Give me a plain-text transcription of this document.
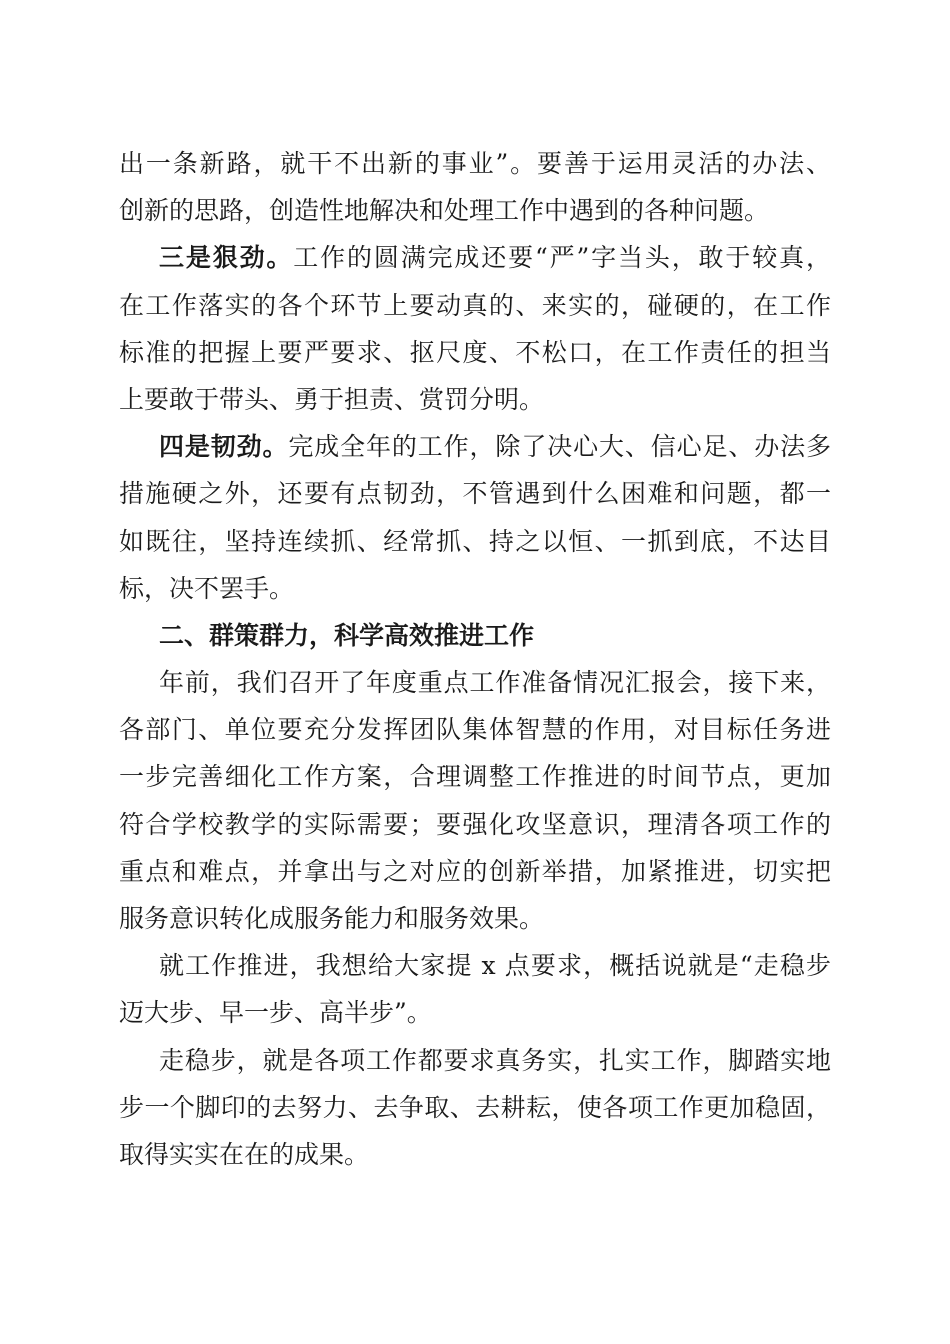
出一条新路，就干不出新的事业”。要善于运用灵活的办法、
创新的思路，创造性地解决和处理工作中遇到的各种问题。
三是狠劲。工作的圆满完成还要“严”字当头，敢于较真，
在工作落实的各个环节上要动真的、来实的，碰硬的，在工作
标准的把握上要严要求、抠尺度、不松口，在工作责任的担当
上要敢于带头、勇于担责、赏罚分明。
四是韧劲。完成全年的工作，除了决心大、信心足、办法多
措施硬之外，还要有点韧劲，不管遇到什么困难和问题，都一
如既往，坚持连续抓、经常抓、持之以恒、一抓到底，不达目
标，决不罢手。
二、群策群力，科学高效推进工作
年前，我们召开了年度重点工作准备情况汇报会，接下来，
各部门、单位要充分发挥团队集体智慧的作用，对目标任务进
一步完善细化工作方案，合理调整工作推进的时间节点，更加
符合学校教学的实际需要；要强化攻坚意识，理清各项工作的
重点和难点，并拿出与之对应的创新举措，加紧推进，切实把
服务意识转化成服务能力和服务效果。
就工作推进，我想给大家提 x 点要求，概括说就是“走稳步
迈大步、早一步、高半步”。
走稳步，就是各项工作都要求真务实，扎实工作，脚踏实地
步一个脚印的去努力、去争取、去耕耘，使各项工作更加稳固，
取得实实在在的成果。
